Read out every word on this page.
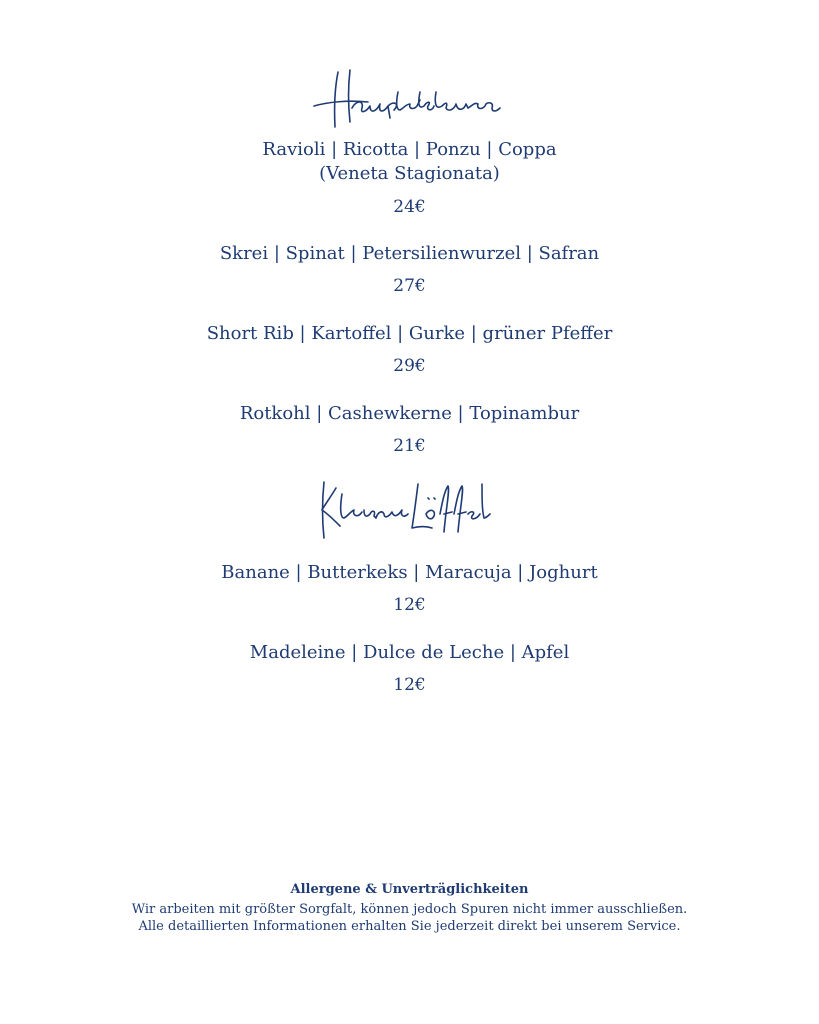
Ravioli | Ricotta | Ponzu | Coppa
(Veneta Stagionata)
24€
Skrei | Spinat | Petersilienwurzel | Safran
27€
Short Rib | Kartoffel | Gurke | grüner Pfeffer
29€
Rotkohl | Cashewkerne | Topinambur
21€
Banane | Butterkeks | Maracuja | Joghurt
12€
Madeleine | Dulce de Leche | Apfel
12€
Allergene & Unverträglichkeiten
Wir arbeiten mit größter Sorgfalt, können jedoch Spuren nicht immer ausschließen.
Alle detaillierten Informationen erhalten Sie jederzeit direkt bei unserem Service.
